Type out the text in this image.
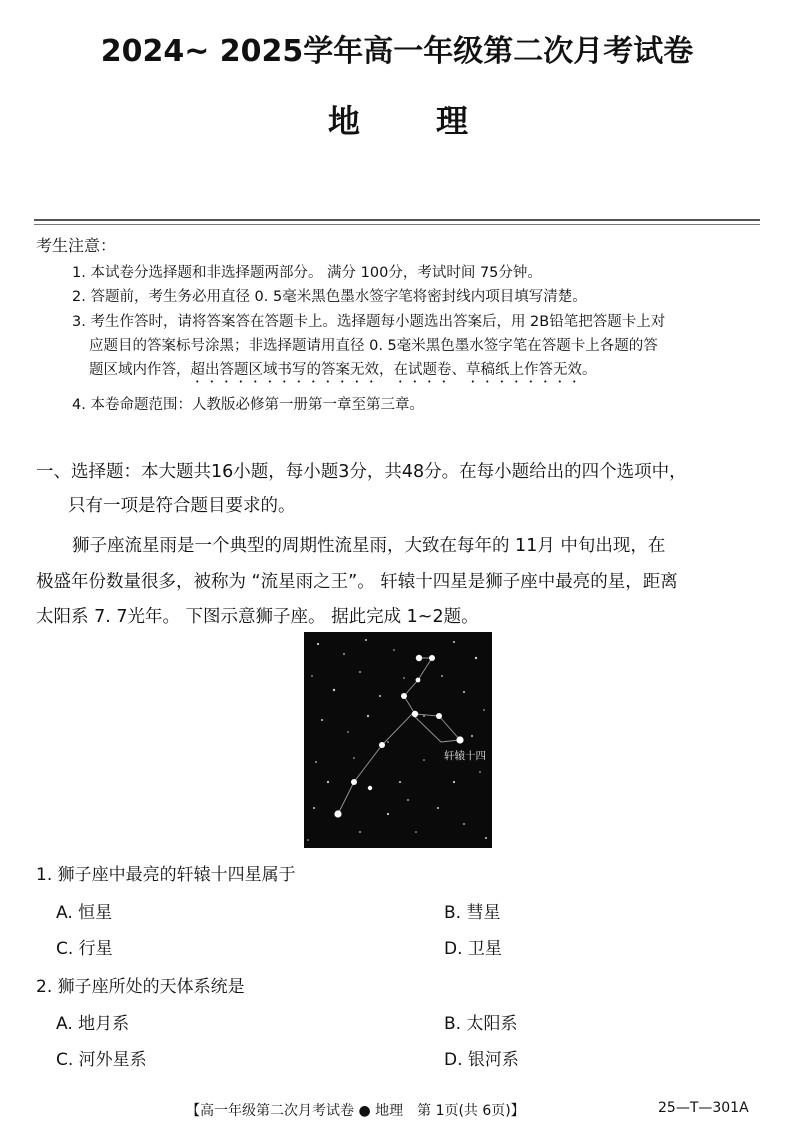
2024~ 2025学年高一年级第二次月考试卷
地 理
考生注意：
1. 本试卷分选择题和非选择题两部分。 满分 100分，考试时间 75分钟。
2. 答题前，考生务必用直径 0. 5毫米黑色墨水签字笔将密封线内项目填写清楚。
3. 考生作答时，请将答案答在答题卡上。选择题每小题选出答案后，用 2B铅笔把答题卡上对
应题目的答案标号涂黑；非选择题请用直径 0. 5毫米黑色墨水签字笔在答题卡上各题的答
题区域内作答，超出答题区域书写的答案无效，在试题卷、草稿纸上作答无效。
4. 本卷命题范围：人教版必修第一册第一章至第三章。
一、选择题：本大题共16小题，每小题3分，共48分。在每小题给出的四个选项中，
只有一项是符合题目要求的。
狮子座流星雨是一个典型的周期性流星雨，大致在每年的 11月 中旬出现，在
极盛年份数量很多，被称为 “流星雨之王”。 轩辕十四星是狮子座中最亮的星，距离
太阳系 7. 7光年。 下图示意狮子座。 据此完成 1~2题。
轩辕十四
1. 狮子座中最亮的轩辕十四星属于
A. 恒星	B. 彗星
C. 行星	D. 卫星
2. 狮子座所处的天体系统是
A. 地月系	B. 太阳系
C. 河外星系	D. 银河系
【高一年级第二次月考试卷 ● 地理　第 1页(共 6页)】	25—T—301A
